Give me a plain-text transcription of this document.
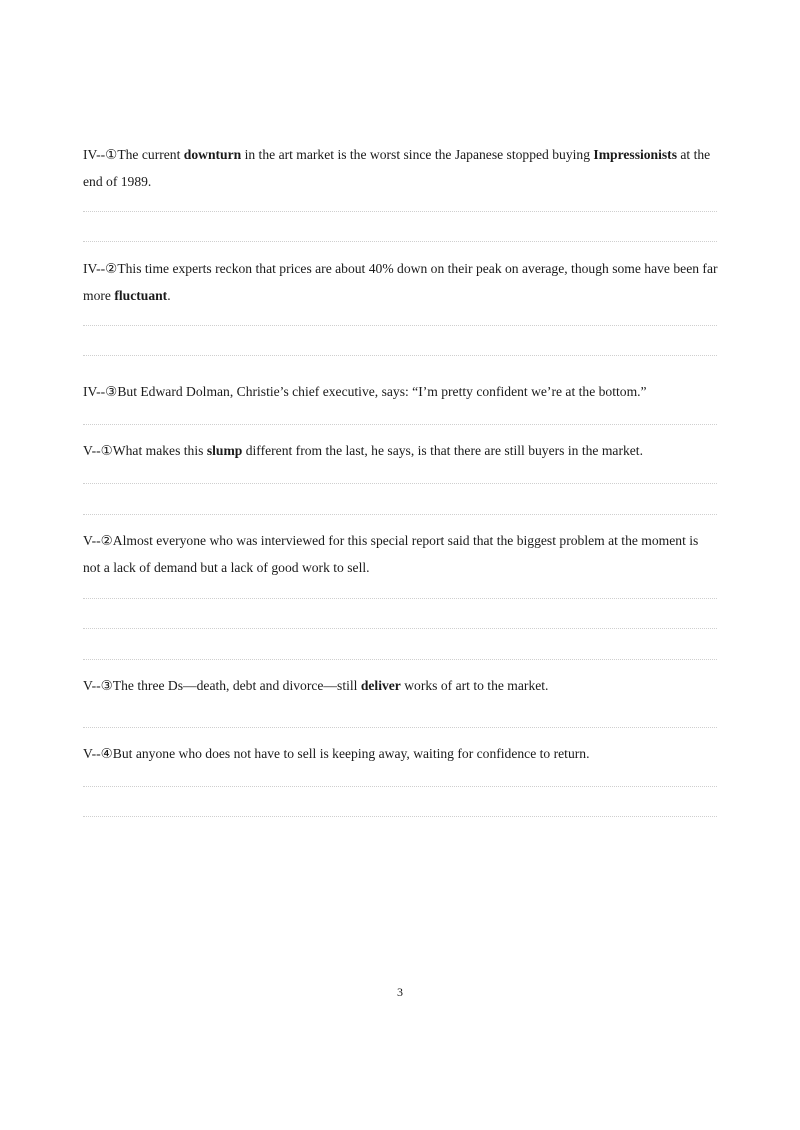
IV--①The current downturn in the art market is the worst since the Japanese stopped buying Impressionists at the end of 1989.

IV--②This time experts reckon that prices are about 40% down on their peak on average, though some have been far more fluctuant.

IV--③But Edward Dolman, Christie’s chief executive, says: “I’m pretty confident we’re at the bottom.”

V--①What makes this slump different from the last, he says, is that there are still buyers in the market.

V--②Almost everyone who was interviewed for this special report said that the biggest problem at the moment is not a lack of demand but a lack of good work to sell.

V--③The three Ds—death, debt and divorce—still deliver works of art to the market.

V--④But anyone who does not have to sell is keeping away, waiting for confidence to return.

3
